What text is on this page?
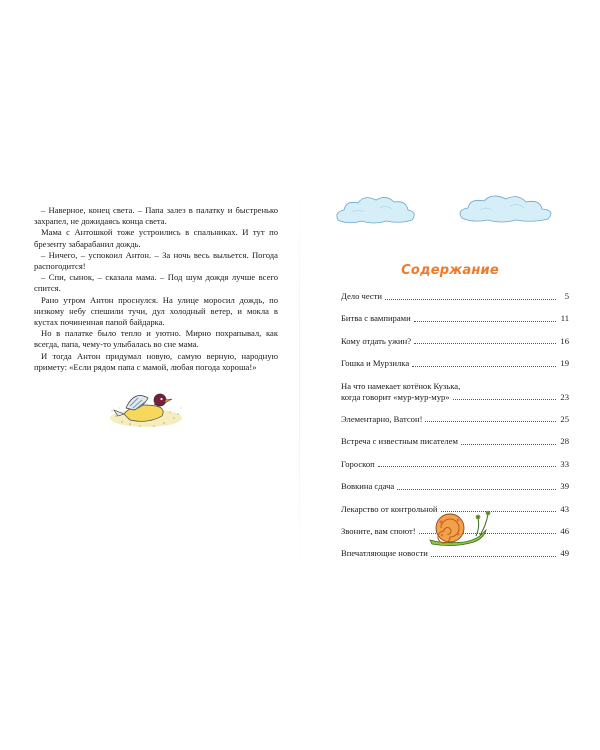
– Наверное, конец света. – Папа залез в палатку и быстренько захрапел, не дожидаясь конца света.

Мама с Антошкой тоже устроились в спальниках. И тут по брезенту забарабанил дождь.

– Ничего, – успокоил Антон. – За ночь весь выльется. Погода распогодится!

– Спи, сынок, – сказала мама. – Под шум дождя лучше всего спится.

Рано утром Антон проснулся. На улице моросил дождь, по низкому небу спешили тучи, дул холодный ветер, и мокла в кустах починенная папой байдарка.

Но в палатке было тепло и уютно. Мирно похрапывал, как всегда, папа, чему-то улыбалась во сне мама.

И тогда Антон придумал новую, самую верную, народную примету: «Если рядом папа с мамой, любая погода хороша!»

Содержание
Дело чести	5
Битва с вампирами	11
Кому отдать ужин?	16
Гошка и Мурзилка	19
На что намекает котёнок Кузька,
когда говорит «мур-мур-мур»	23
Элементарно, Ватсон!	25
Встреча с известным писателем	28
Гороскоп	33
Вовкина сдача	39
Лекарство от контрольной	43
Звоните, вам споют!	46
Впечатляющие новости	49
